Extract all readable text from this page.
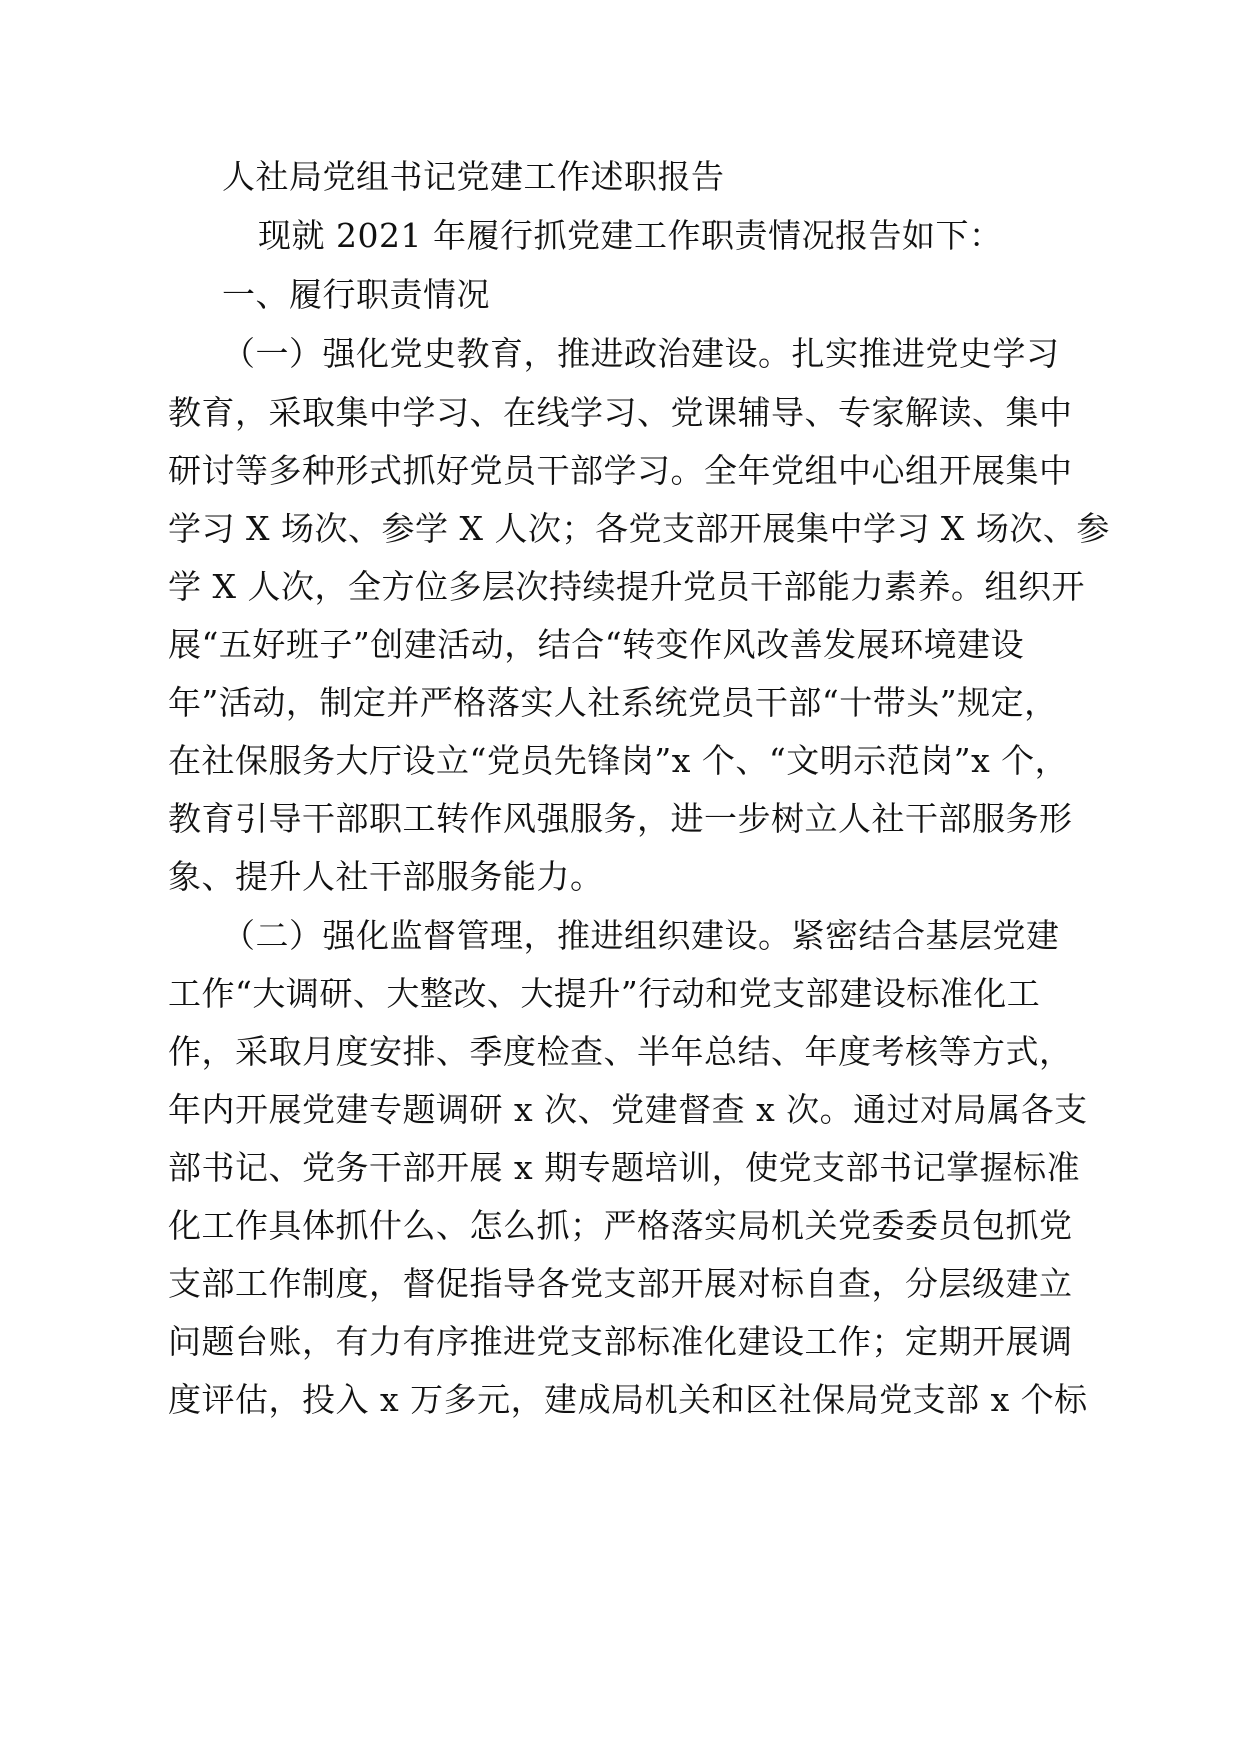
人社局党组书记党建工作述职报告
现就 2021 年履行抓党建工作职责情况报告如下：
一、履行职责情况
（一）强化党史教育，推进政治建设。扎实推进党史学习
教育，采取集中学习、在线学习、党课辅导、专家解读、集中
研讨等多种形式抓好党员干部学习。全年党组中心组开展集中
学习 X 场次、参学 X 人次；各党支部开展集中学习 X 场次、参
学 X 人次，全方位多层次持续提升党员干部能力素养。组织开
展“五好班子”创建活动，结合“转变作风改善发展环境建设
年”活动，制定并严格落实人社系统党员干部“十带头”规定，
在社保服务大厅设立“党员先锋岗”x 个、“文明示范岗”x 个，
教育引导干部职工转作风强服务，进一步树立人社干部服务形
象、提升人社干部服务能力。
（二）强化监督管理，推进组织建设。紧密结合基层党建
工作“大调研、大整改、大提升”行动和党支部建设标准化工
作，采取月度安排、季度检查、半年总结、年度考核等方式，
年内开展党建专题调研 x 次、党建督查 x 次。通过对局属各支
部书记、党务干部开展 x 期专题培训，使党支部书记掌握标准
化工作具体抓什么、怎么抓；严格落实局机关党委委员包抓党
支部工作制度，督促指导各党支部开展对标自查，分层级建立
问题台账，有力有序推进党支部标准化建设工作；定期开展调
度评估，投入 x 万多元，建成局机关和区社保局党支部 x 个标
